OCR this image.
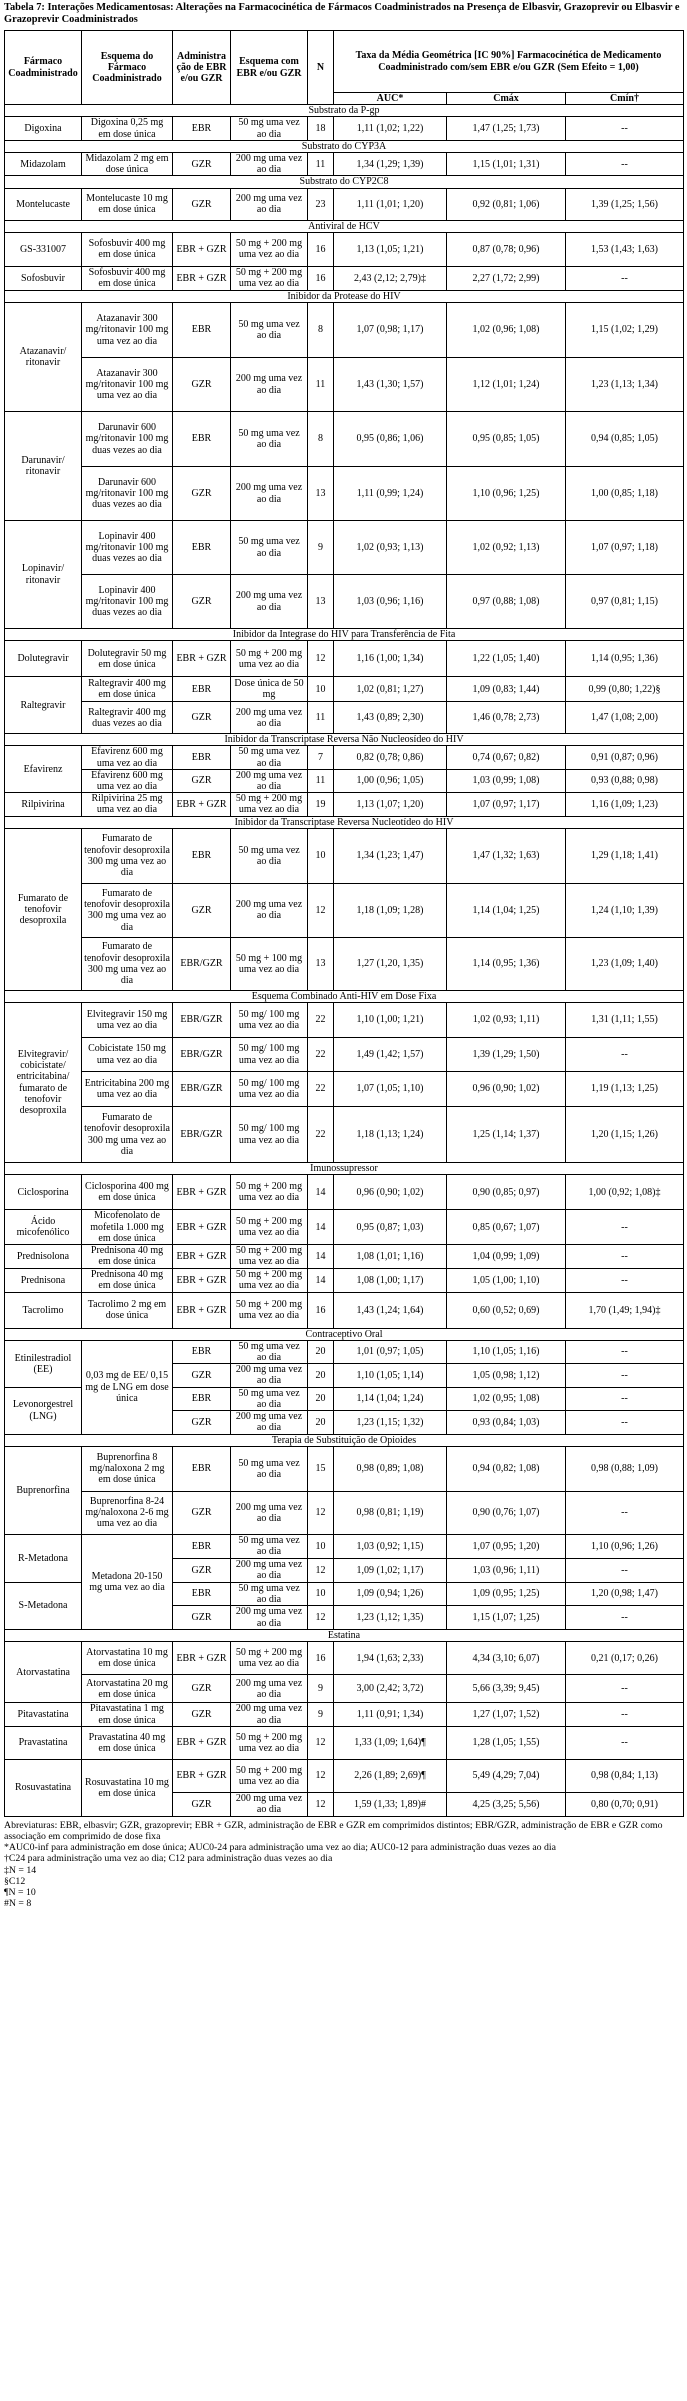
Tabela 7: Interações Medicamentosas: Alterações na Farmacocinética de Fármacos Coadministrados na Presença de Elbasvir, Grazoprevir ou Elbasvir e Grazoprevir Coadministrados
Fármaco Coadministrado	Esquema do Fármaco Coadministrado	Administração de EBR e/ou GZR	Esquema com EBR e/ou GZR	N	Taxa da Média Geométrica [IC 90%] Farmacocinética de Medicamento Coadministrado com/sem EBR e/ou GZR (Sem Efeito = 1,00)		
					AUC*	Cmáx	Cmín†
Substrato da P-gp							
Digoxina	Digoxina 0,25 mg em dose única	EBR	50 mg uma vez ao dia	18	1,11 (1,02; 1,22)	1,47 (1,25; 1,73)	--
Substrato do CYP3A							
Midazolam	Midazolam 2 mg em dose única	GZR	200 mg uma vez ao dia	11	1,34 (1,29; 1,39)	1,15 (1,01; 1,31)	--
Substrato do CYP2C8							
Montelucaste	Montelucaste 10 mg em dose única	GZR	200 mg uma vez ao dia	23	1,11 (1,01; 1,20)	0,92 (0,81; 1,06)	1,39 (1,25; 1,56)
Antiviral de HCV							
GS-331007	Sofosbuvir 400 mg em dose única	EBR + GZR	50 mg + 200 mg uma vez ao dia	16	1,13 (1,05; 1,21)	0,87 (0,78; 0,96)	1,53 (1,43; 1,63)
Sofosbuvir	Sofosbuvir 400 mg em dose única	EBR + GZR	50 mg + 200 mg uma vez ao dia	16	2,43 (2,12; 2,79)‡	2,27 (1,72; 2,99)	--
Inibidor da Protease do HIV							
Atazanavir/ ritonavir	Atazanavir 300 mg/ritonavir 100 mg uma vez ao dia	EBR	50 mg uma vez ao dia	8	1,07 (0,98; 1,17)	1,02 (0,96; 1,08)	1,15 (1,02; 1,29)
	Atazanavir 300 mg/ritonavir 100 mg uma vez ao dia	GZR	200 mg uma vez ao dia	11	1,43 (1,30; 1,57)	1,12 (1,01; 1,24)	1,23 (1,13; 1,34)
Darunavir/ ritonavir	Darunavir 600 mg/ritonavir 100 mg duas vezes ao dia	EBR	50 mg uma vez ao dia	8	0,95 (0,86; 1,06)	0,95 (0,85; 1,05)	0,94 (0,85; 1,05)
	Darunavir 600 mg/ritonavir 100 mg duas vezes ao dia	GZR	200 mg uma vez ao dia	13	1,11 (0,99; 1,24)	1,10 (0,96; 1,25)	1,00 (0,85; 1,18)
Lopinavir/ ritonavir	Lopinavir 400 mg/ritonavir 100 mg duas vezes ao dia	EBR	50 mg uma vez ao dia	9	1,02 (0,93; 1,13)	1,02 (0,92; 1,13)	1,07 (0,97; 1,18)
	Lopinavir 400 mg/ritonavir 100 mg duas vezes ao dia	GZR	200 mg uma vez ao dia	13	1,03 (0,96; 1,16)	0,97 (0,88; 1,08)	0,97 (0,81; 1,15)
Inibidor da Integrase do HIV para Transferência de Fita							
Dolutegravir	Dolutegravir 50 mg em dose única	EBR + GZR	50 mg + 200 mg uma vez ao dia	12	1,16 (1,00; 1,34)	1,22 (1,05; 1,40)	1,14 (0,95; 1,36)
Raltegravir	Raltegravir 400 mg em dose única	EBR	Dose única de 50 mg	10	1,02 (0,81; 1,27)	1,09 (0,83; 1,44)	0,99 (0,80; 1,22)§
	Raltegravir 400 mg duas vezes ao dia	GZR	200 mg uma vez ao dia	11	1,43 (0,89; 2,30)	1,46 (0,78; 2,73)	1,47 (1,08; 2,00)
Inibidor da Transcriptase Reversa Não Nucleosídeo do HIV							
Efavirenz	Efavirenz 600 mg uma vez ao dia	EBR	50 mg uma vez ao dia	7	0,82 (0,78; 0,86)	0,74 (0,67; 0,82)	0,91 (0,87; 0,96)
	Efavirenz 600 mg uma vez ao dia	GZR	200 mg uma vez ao dia	11	1,00 (0,96; 1,05)	1,03 (0,99; 1,08)	0,93 (0,88; 0,98)
Rilpivirina	Rilpivirina 25 mg uma vez ao dia	EBR + GZR	50 mg + 200 mg uma vez ao dia	19	1,13 (1,07; 1,20)	1,07 (0,97; 1,17)	1,16 (1,09; 1,23)
Inibidor da Transcriptase Reversa Nucleotídeo do HIV							
Fumarato de tenofovir desoproxila	Fumarato de tenofovir desoproxila 300 mg uma vez ao dia	EBR	50 mg uma vez ao dia	10	1,34 (1,23; 1,47)	1,47 (1,32; 1,63)	1,29 (1,18; 1,41)
	Fumarato de tenofovir desoproxila 300 mg uma vez ao dia	GZR	200 mg uma vez ao dia	12	1,18 (1,09; 1,28)	1,14 (1,04; 1,25)	1,24 (1,10; 1,39)
	Fumarato de tenofovir desoproxila 300 mg uma vez ao dia	EBR/GZR	50 mg + 100 mg uma vez ao dia	13	1,27 (1,20, 1,35)	1,14 (0,95; 1,36)	1,23 (1,09; 1,40)
Esquema Combinado Anti-HIV em Dose Fixa							
Elvitegravir/ cobicistate/ entricitabina/ fumarato de tenofovir desoproxila	Elvitegravir 150 mg uma vez ao dia	EBR/GZR	50 mg/ 100 mg uma vez ao dia	22	1,10 (1,00; 1,21)	1,02 (0,93; 1,11)	1,31 (1,11; 1,55)
	Cobicistate 150 mg uma vez ao dia	EBR/GZR	50 mg/ 100 mg uma vez ao dia	22	1,49 (1,42; 1,57)	1,39 (1,29; 1,50)	--
	Entricitabina 200 mg uma vez ao dia	EBR/GZR	50 mg/ 100 mg uma vez ao dia	22	1,07 (1,05; 1,10)	0,96 (0,90; 1,02)	1,19 (1,13; 1,25)
	Fumarato de tenofovir desoproxila 300 mg uma vez ao dia	EBR/GZR	50 mg/ 100 mg uma vez ao dia	22	1,18 (1,13; 1,24)	1,25 (1,14; 1,37)	1,20 (1,15; 1,26)
Imunossupressor							
Ciclosporina	Ciclosporina 400 mg em dose única	EBR + GZR	50 mg + 200 mg uma vez ao dia	14	0,96 (0,90; 1,02)	0,90 (0,85; 0,97)	1,00 (0,92; 1,08)‡
Ácido micofenólico	Micofenolato de mofetila 1.000 mg em dose única	EBR + GZR	50 mg + 200 mg uma vez ao dia	14	0,95 (0,87; 1,03)	0,85 (0,67; 1,07)	--
Prednisolona	Prednisona 40 mg em dose única	EBR + GZR	50 mg + 200 mg uma vez ao dia	14	1,08 (1,01; 1,16)	1,04 (0,99; 1,09)	--
Prednisona	Prednisona 40 mg em dose única	EBR + GZR	50 mg + 200 mg uma vez ao dia	14	1,08 (1,00; 1,17)	1,05 (1,00; 1,10)	--
Tacrolimo	Tacrolimo 2 mg em dose única	EBR + GZR	50 mg + 200 mg uma vez ao dia	16	1,43 (1,24; 1,64)	0,60 (0,52; 0,69)	1,70 (1,49; 1,94)‡
Contraceptivo Oral							
Etinilestradiol (EE)	0,03 mg de EE/ 0,15 mg de LNG em dose única	EBR	50 mg uma vez ao dia	20	1,01 (0,97; 1,05)	1,10 (1,05; 1,16)	--
		GZR	200 mg uma vez ao dia	20	1,10 (1,05; 1,14)	1,05 (0,98; 1,12)	--
Levonorgestrel (LNG)		EBR	50 mg uma vez ao dia	20	1,14 (1,04; 1,24)	1,02 (0,95; 1,08)	--
		GZR	200 mg uma vez ao dia	20	1,23 (1,15; 1,32)	0,93 (0,84; 1,03)	--
Terapia de Substituição de Opioides							
Buprenorfina	Buprenorfina 8 mg/naloxona 2 mg em dose única	EBR	50 mg uma vez ao dia	15	0,98 (0,89; 1,08)	0,94 (0,82; 1,08)	0,98 (0,88; 1,09)
	Buprenorfina 8-24 mg/naloxona 2-6 mg uma vez ao dia	GZR	200 mg uma vez ao dia	12	0,98 (0,81; 1,19)	0,90 (0,76; 1,07)	--
R-Metadona	Metadona 20-150 mg uma vez ao dia	EBR	50 mg uma vez ao dia	10	1,03 (0,92; 1,15)	1,07 (0,95; 1,20)	1,10 (0,96; 1,26)
		GZR	200 mg uma vez ao dia	12	1,09 (1,02; 1,17)	1,03 (0,96; 1,11)	--
S-Metadona		EBR	50 mg uma vez ao dia	10	1,09 (0,94; 1,26)	1,09 (0,95; 1,25)	1,20 (0,98; 1,47)
		GZR	200 mg uma vez ao dia	12	1,23 (1,12; 1,35)	1,15 (1,07; 1,25)	--
Estatina							
Atorvastatina	Atorvastatina 10 mg em dose única	EBR + GZR	50 mg + 200 mg uma vez ao dia	16	1,94 (1,63; 2,33)	4,34 (3,10; 6,07)	0,21 (0,17; 0,26)
	Atorvastatina 20 mg em dose única	GZR	200 mg uma vez ao dia	9	3,00 (2,42; 3,72)	5,66 (3,39; 9,45)	--
Pitavastatina	Pitavastatina 1 mg em dose única	GZR	200 mg uma vez ao dia	9	1,11 (0,91; 1,34)	1,27 (1,07; 1,52)	--
Pravastatina	Pravastatina 40 mg em dose única	EBR + GZR	50 mg + 200 mg uma vez ao dia	12	1,33 (1,09; 1,64)¶	1,28 (1,05; 1,55)	--
Rosuvastatina	Rosuvastatina 10 mg em dose única	EBR + GZR	50 mg + 200 mg uma vez ao dia	12	2,26 (1,89; 2,69)¶	5,49 (4,29; 7,04)	0,98 (0,84; 1,13)
		GZR	200 mg uma vez ao dia	12	1,59 (1,33; 1,89)#	4,25 (3,25; 5,56)	0,80 (0,70; 0,91)
Abreviaturas: EBR, elbasvir; GZR, grazoprevir; EBR + GZR, administração de EBR e GZR em comprimidos distintos; EBR/GZR, administração de EBR e GZR como associação em comprimido de dose fixa
*AUC0-inf para administração em dose única; AUC0-24 para administração uma vez ao dia; AUC0-12 para administração duas vezes ao dia
†C24 para administração uma vez ao dia; C12 para administração duas vezes ao dia
‡N = 14
§C12
¶N = 10
#N = 8
